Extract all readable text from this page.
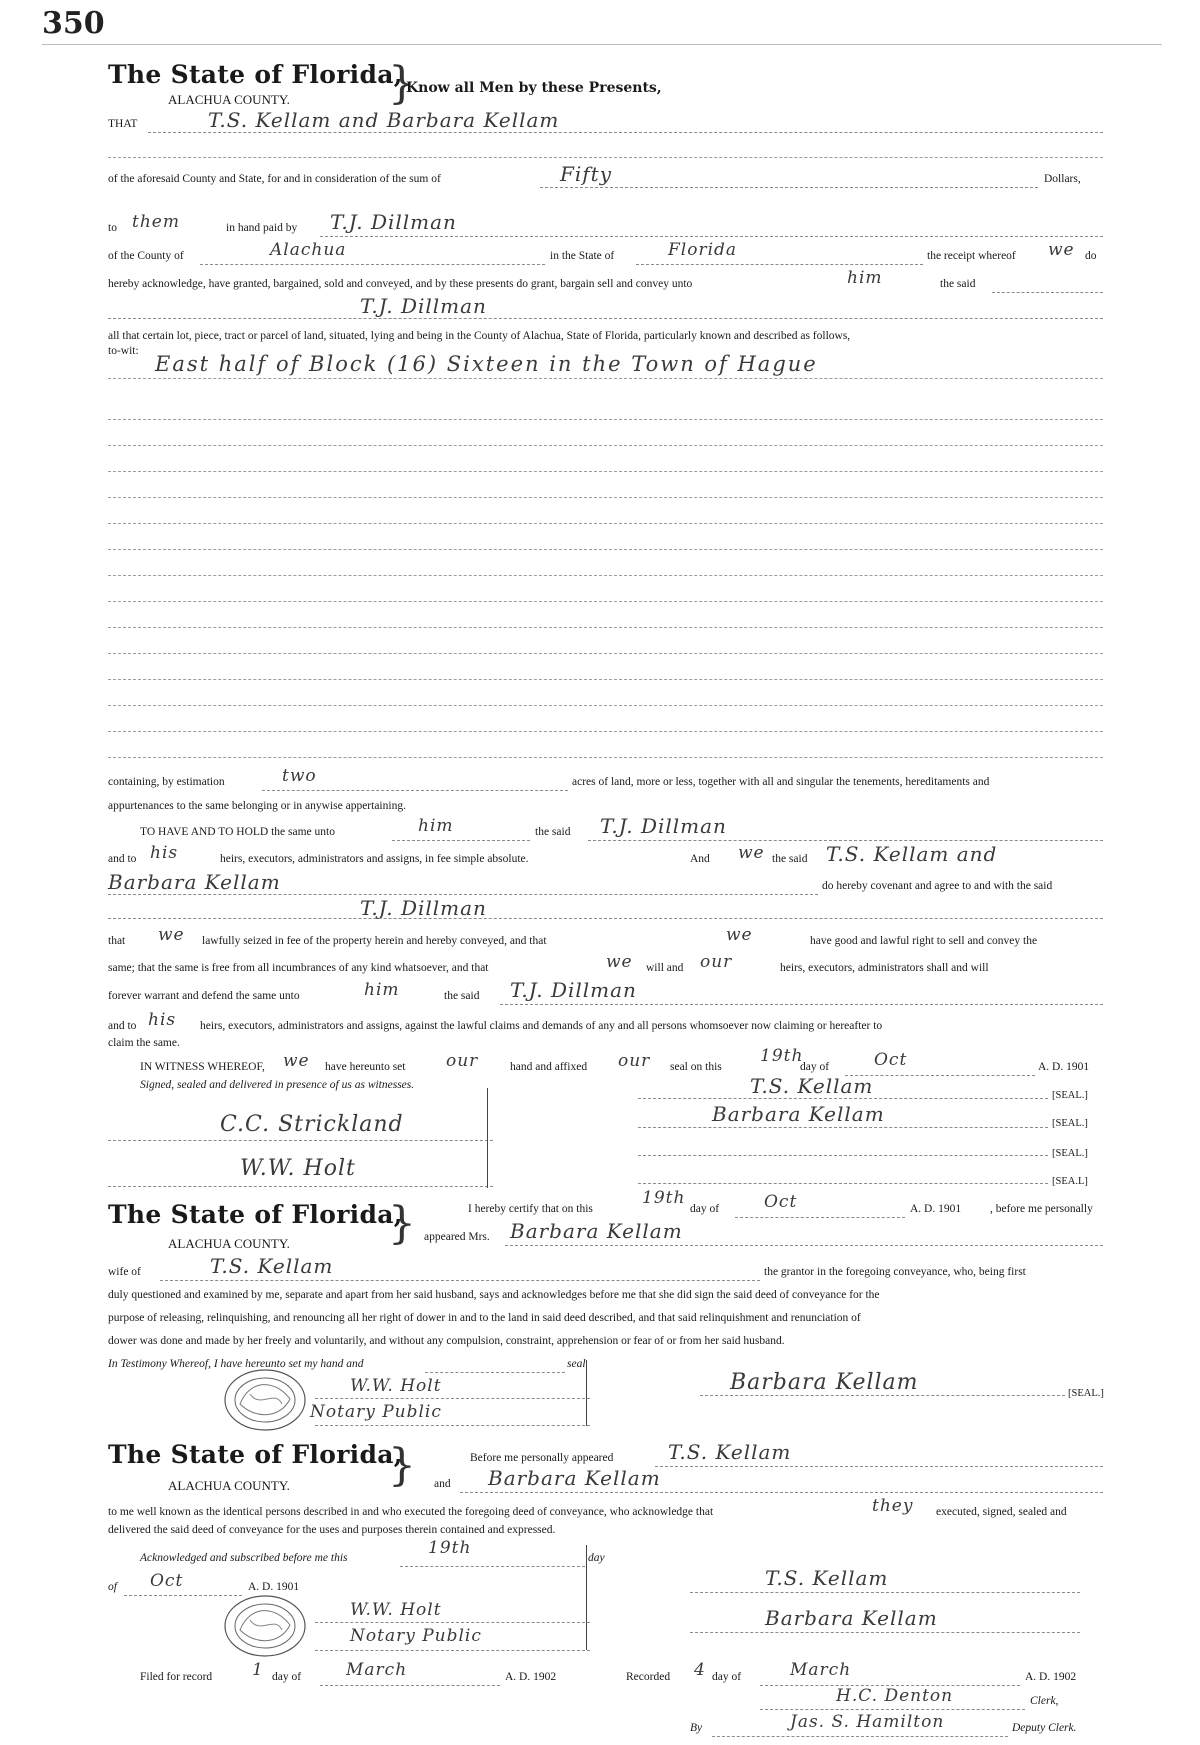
350
The State of Florida,
ALACHUA COUNTY. }
Know all Men by these Presents,
THAT	T.S. Kellam and Barbara Kellam
of the aforesaid County and State, for and in consideration of the sum of	Fifty	Dollars,
to them	in hand paid by T.J. Dillman
of the County of	Alachua	in the State of	Florida	the receipt whereof we do
hereby acknowledge, have granted, bargained, sold and conveyed, and by these presents do grant, bargain sell and convey unto	him	the said
T.J. Dillman
all that certain lot, piece, tract or parcel of land, situated, lying and being in the County of Alachua, State of Florida, particularly known and described as follows,
to-wit:
East half of Block (16) Sixteen in the Town of Hague
containing, by estimation	two	acres of land, more or less, together with all and singular the tenements, hereditaments and
appurtenances to the same belonging or in anywise appertaining.
TO HAVE AND TO HOLD the same unto	him	the said T.J. Dillman
and to his	heirs, executors, administrators and assigns, in fee simple absolute.	And we the said T.S. Kellam and
Barbara Kellam	do hereby covenant and agree to and with the said
T.J. Dillman
that we lawfully seized in fee of the property herein and hereby conveyed, and that	we	have good and lawful right to sell and convey the
same; that the same is free from all incumbrances of any kind whatsoever, and that	we will and our	heirs, executors, administrators shall and will
forever warrant and defend the same unto	him	the said T.J. Dillman
and to his heirs, executors, administrators and assigns, against the lawful claims and demands of any and all persons whomsoever now claiming or hereafter to
claim the same.
IN WITNESS WHEREOF, we have hereunto set our	hand and affixed our seal on this
19th
day of	Oct	A. D. 1901
Signed, sealed and delivered in presence of us as witnesses.
C.C. Strickland
W.W. Holt
T.S. Kellam	[SEAL.]
Barbara Kellam	[SEAL.]
[SEAL.]
[SEA.L]
The State of Florida,
ALACHUA COUNTY. }	I hereby certify that on this
19th
day of	Oct	A. D. 1901	, before me personally
appeared Mrs. Barbara Kellam
wife of	T.S. Kellam	the grantor in the foregoing conveyance, who, being first
duly questioned and examined by me, separate and apart from her said husband, says and acknowledges before me that she did sign the said deed of conveyance for the
purpose of releasing, relinquishing, and renouncing all her right of dower in and to the land in said deed described, and that said relinquishment and renunciation of
dower was done and made by her freely and voluntarily, and without any compulsion, constraint, apprehension or fear of or from her said husband.
In Testimony Whereof, I have hereunto set my hand and	seal
W.W. Holt
Notary Public
Barbara Kellam	[SEAL.]
The State of Florida,
ALACHUA COUNTY. }	Before me personally appeared	T.S. Kellam
and Barbara Kellam
to me well known as the identical persons described in and who executed the foregoing deed of conveyance, who acknowledge that	they executed, signed, sealed and
delivered the said deed of conveyance for the uses and purposes therein contained and expressed.
Acknowledged and subscribed before me this	19th	day
of Oct	A. D. 1901
W.W. Holt
Notary Public
T.S. Kellam
Barbara Kellam
Filed for record 1 day of	March	A. D. 1902	Recorded 4 day of	March	A. D. 1902
H.C. Denton	Clerk,
By	Jas. S. Hamilton	Deputy Clerk.
